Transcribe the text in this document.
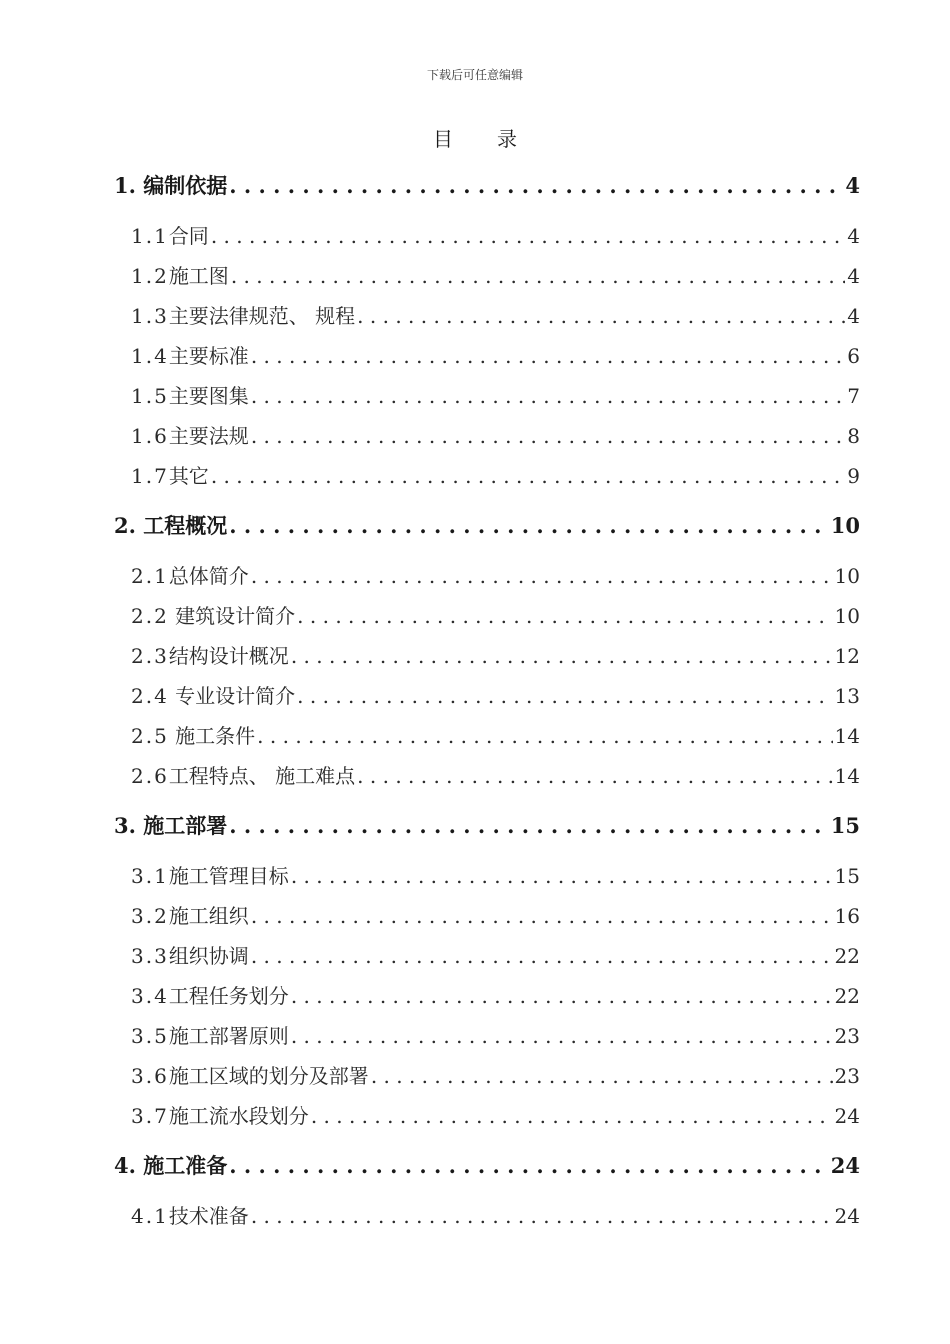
下载后可任意编辑
目 录
1. 编制依据 . . .	4
1.1合同 . . .	4
1.2施工图 . . .	4
1.3主要法律规范、 规程 . . .	4
1.4主要标准 . . .	6
1.5主要图集 . . .	7
1.6主要法规 . . .	8
1.7其它 . . .	9
2. 工程概况 . . .	10
2.1总体简介 . . .	10
2.2 建筑设计简介 . . .	10
2.3结构设计概况 . . .	12
2.4 专业设计简介 . . .	13
2.5 施工条件 . . .	14
2.6工程特点、 施工难点 . . .	14
3. 施工部署 . . .	15
3.1施工管理目标 . . .	15
3.2施工组织 . . .	16
3.3组织协调 . . .	22
3.4工程任务划分 . . .	22
3.5施工部署原则 . . .	23
3.6施工区域的划分及部署 . . .	23
3.7施工流水段划分 . . .	24
4. 施工准备 . . .	24
4.1技术准备 . . .	24
